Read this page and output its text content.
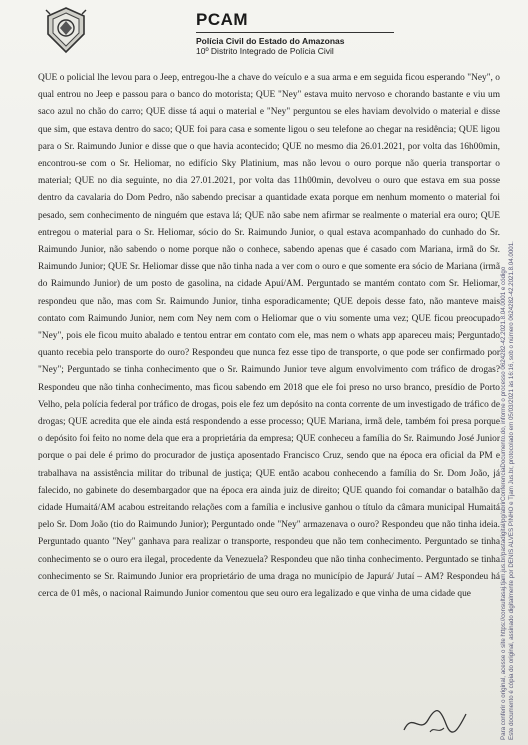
PCAM
Polícia Civil do Estado do Amazonas
10º Distrito Integrado de Polícia Civil

QUE o policial lhe levou para o Jeep, entregou-lhe a chave do veículo e a sua arma e em seguida ficou esperando "Ney", o qual entrou no Jeep e passou para o banco do motorista; QUE "Ney" estava muito nervoso e chorando bastante e viu um saco azul no chão do carro; QUE disse tá aqui o material e "Ney" perguntou se eles haviam devolvido o material e disse que sim, que estava dentro do saco; QUE foi para casa e somente ligou o seu telefone ao chegar na residência; QUE ligou para o Sr. Raimundo Junior e disse que o que havia acontecido; QUE no mesmo dia 26.01.2021, por volta das 16h00min, encontrou-se com o Sr. Heliomar, no edifício Sky Platinium, mas não levou o ouro porque não queria transportar o material; QUE no dia seguinte, no dia 27.01.2021, por volta das 11h00min, devolveu o ouro que estava em sua posse dentro da cavalaria do Dom Pedro, não sabendo precisar a quantidade exata porque em nenhum momento o material foi pesado, sem conhecimento de ninguém que estava lá; QUE não sabe nem afirmar se realmente o material era ouro; QUE entregou o material para o Sr. Heliomar, sócio do Sr. Raimundo Junior, o qual estava acompanhado do cunhado do Sr. Raimundo Junior, não sabendo o nome porque não o conhece, sabendo apenas que é casado com Mariana, irmã do Sr. Raimundo Junior; QUE Sr. Heliomar disse que não tinha nada a ver com o ouro e que somente era sócio de Mariana (irmã do Raimundo Junior) de um posto de gasolina, na cidade Apuí/AM. Perguntado se mantém contato com Sr. Heliomar, respondeu que não, mas com Sr. Raimundo Junior, tinha esporadicamente; QUE depois desse fato, não manteve mais contato com Raimundo Junior, nem com Ney nem com o Heliomar que o viu somente uma vez; QUE ficou preocupado "Ney", pois ele ficou muito abalado e tentou entrar em contato com ele, mas nem o whats app apareceu mais; Perguntado quanto recebia pelo transporte do ouro? Respondeu que nunca fez esse tipo de transporte, o que pode ser confirmado por "Ney"; Perguntado se tinha conhecimento que o Sr. Raimundo Junior teve algum envolvimento com tráfico de drogas? Respondeu que não tinha conhecimento, mas ficou sabendo em 2018 que ele foi preso no urso branco, presídio de Porto Velho, pela polícia federal por tráfico de drogas, pois ele fez um depósito na conta corrente de um investigado de tráfico de drogas; QUE acredita que ele ainda está respondendo a esse processo; QUE Mariana, irmã dele, também foi presa porque o depósito foi feito no nome dela que era a proprietária da empresa; QUE conheceu a família do Sr. Raimundo José Junior porque o pai dele é primo do procurador de justiça aposentado Francisco Cruz, sendo que na época era oficial da PM e trabalhava na assistência militar do tribunal de justiça; QUE então acabou conhecendo a família do Sr. Dom João, já falecido, no gabinete do desembargador que na época era ainda juiz de direito; QUE quando foi comandar o batalhão da cidade Humaitá/AM acabou estreitando relações com a família e inclusive ganhou o título da câmara municipal Humaitá pelo Sr. Dom João (tio do Raimundo Junior); Perguntado onde "Ney" armazenava o ouro? Respondeu que não tinha ideia. Perguntado quanto "Ney" ganhava para realizar o transporte, respondeu que não tem conhecimento. Perguntado se tinha conhecimento se o ouro era ilegal, procedente da Venezuela? Respondeu que não tinha conhecimento. Perguntado se tinha conhecimento se Sr. Raimundo Junior era proprietário de uma draga no município de Japurá/ Jutaí – AM? Respondeu há cerca de 01 mês, o nacional Raimundo Junior comentou que seu ouro era legalizado e que vinha de uma cidade que	Este documento é cópia do original, assinado digitalmente por DENIS ALVES PINHO e Tjam Jus.br, protocolado em 05/03/2021 às 16:16, sob o número 0624282-42.2021.8.04.0001.
Para conferir o original, acesse o site https://consultasaj.tjam.jus.br/pastadigital/pg/abrirConferenciaDocumento.do, informe o processo 0624282-42.2021.8.04.0001 e código
